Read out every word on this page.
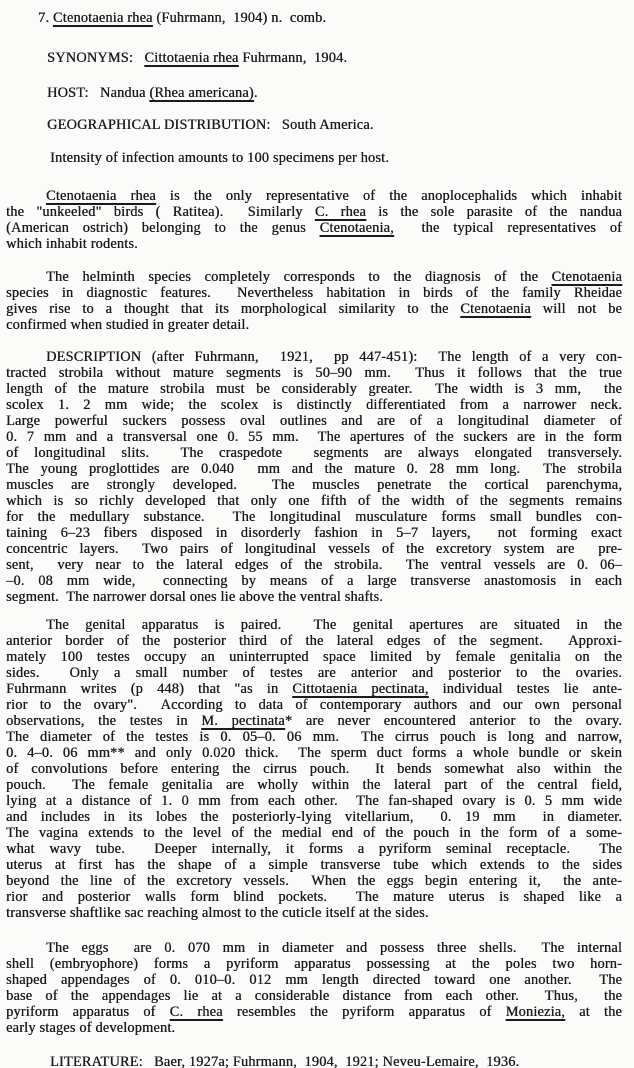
7. Ctenotaenia rhea (Fuhrmann,  1904) n.  comb.
SYNONYMS:   Cittotaenia rhea Fuhrmann,  1904.
HOST:   Nandua (Rhea americana).
GEOGRAPHICAL DISTRIBUTION:   South America.
Intensity of infection amounts to 100 specimens per host.
Ctenotaenia rhea is the only representative of the anoplocephalids which inhabit
the "unkeeled" birds ( Ratitea).  Similarly C. rhea is the sole parasite of the nandua
(American ostrich) belonging to the genus Ctenotaenia,  the typical representatives of
which inhabit rodents.
The helminth species completely corresponds to the diagnosis of the Ctenotaenia
species in diagnostic features.  Nevertheless habitation in birds of the family Rheidae
gives rise to a thought that its morphological similarity to the Ctenotaenia will not be
confirmed when studied in greater detail.
DESCRIPTION (after Fuhrmann,  1921,  pp 447-451):  The length of a very con-
tracted strobila without mature segments is 50–90 mm.  Thus it follows that the true
length of the mature strobila must be considerably greater.  The width is 3 mm,  the
scolex 1. 2 mm wide; the scolex is distinctly differentiated from a narrower neck.
Large powerful suckers possess oval outlines and are of a longitudinal diameter of
0. 7 mm and a transversal one 0. 55 mm.  The apertures of the suckers are in the form
of longitudinal slits.  The craspedote  segments are always elongated transversely.
The young proglottides are 0.040  mm and the mature 0. 28 mm long.  The strobila
muscles are strongly developed.  The muscles penetrate the cortical parenchyma,
which is so richly developed that only one fifth of the width of the segments remains
for the medullary substance.  The longitudinal musculature forms small bundles con-
taining 6–23 fibers disposed in disorderly fashion in 5–7 layers,  not forming exact
concentric layers.  Two pairs of longitudinal vessels of the excretory system are  pre-
sent,  very near to the lateral edges of the strobila.  The ventral vessels are 0. 06–
–0. 08 mm wide,  connecting by means of a large transverse anastomosis in each
segment.  The narrower dorsal ones lie above the ventral shafts.
The genital apparatus is paired.  The genital apertures are situated in the
anterior border of the posterior third of the lateral edges of the segment.  Approxi-
mately 100 testes occupy an uninterrupted space limited by female genitalia on the
sides.  Only a small number of testes are anterior and posterior to the ovaries.
Fuhrmann writes (p 448) that "as in Cittotaenia pectinata, individual testes lie ante-
rior to the ovary".  According to data of contemporary authors and our own personal
observations, the testes in M. pectinata* are never encountered anterior to the ovary.
The diameter of the testes is 0. 05–0. 06 mm.  The cirrus pouch is long and narrow,
0. 4–0. 06 mm** and only 0.020 thick.  The sperm duct forms a whole bundle or skein
of convolutions before entering the cirrus pouch.  It bends somewhat also within the
pouch.  The female genitalia are wholly within the lateral part of the central field,
lying at a distance of 1. 0 mm from each other.  The fan-shaped ovary is 0. 5 mm wide
and includes in its lobes the posteriorly-lying vitellarium,  0. 19 mm  in diameter.
The vagina extends to the level of the medial end of the pouch in the form of a some-
what wavy tube.  Deeper internally, it forms a pyriform seminal receptacle.  The
uterus at first has the shape of a simple transverse tube which extends to the sides
beyond the line of the excretory vessels.  When the eggs begin entering it,  the ante-
rior and posterior walls form blind pockets.  The mature uterus is shaped like a
transverse shaftlike sac reaching almost to the cuticle itself at the sides.
The eggs  are 0. 070 mm in diameter and possess three shells.  The internal
shell (embryophore) forms a pyriform apparatus possessing at the poles two horn-
shaped appendages of 0. 010–0. 012 mm length directed toward one another.  The
base of the appendages lie at a considerable distance from each other.  Thus,  the
pyriform apparatus of C. rhea resembles the pyriform apparatus of Moniezia, at the
early stages of development.
LITERATURE:   Baer, 1927a; Fuhrmann,  1904,  1921; Neveu-Lemaire,  1936.
